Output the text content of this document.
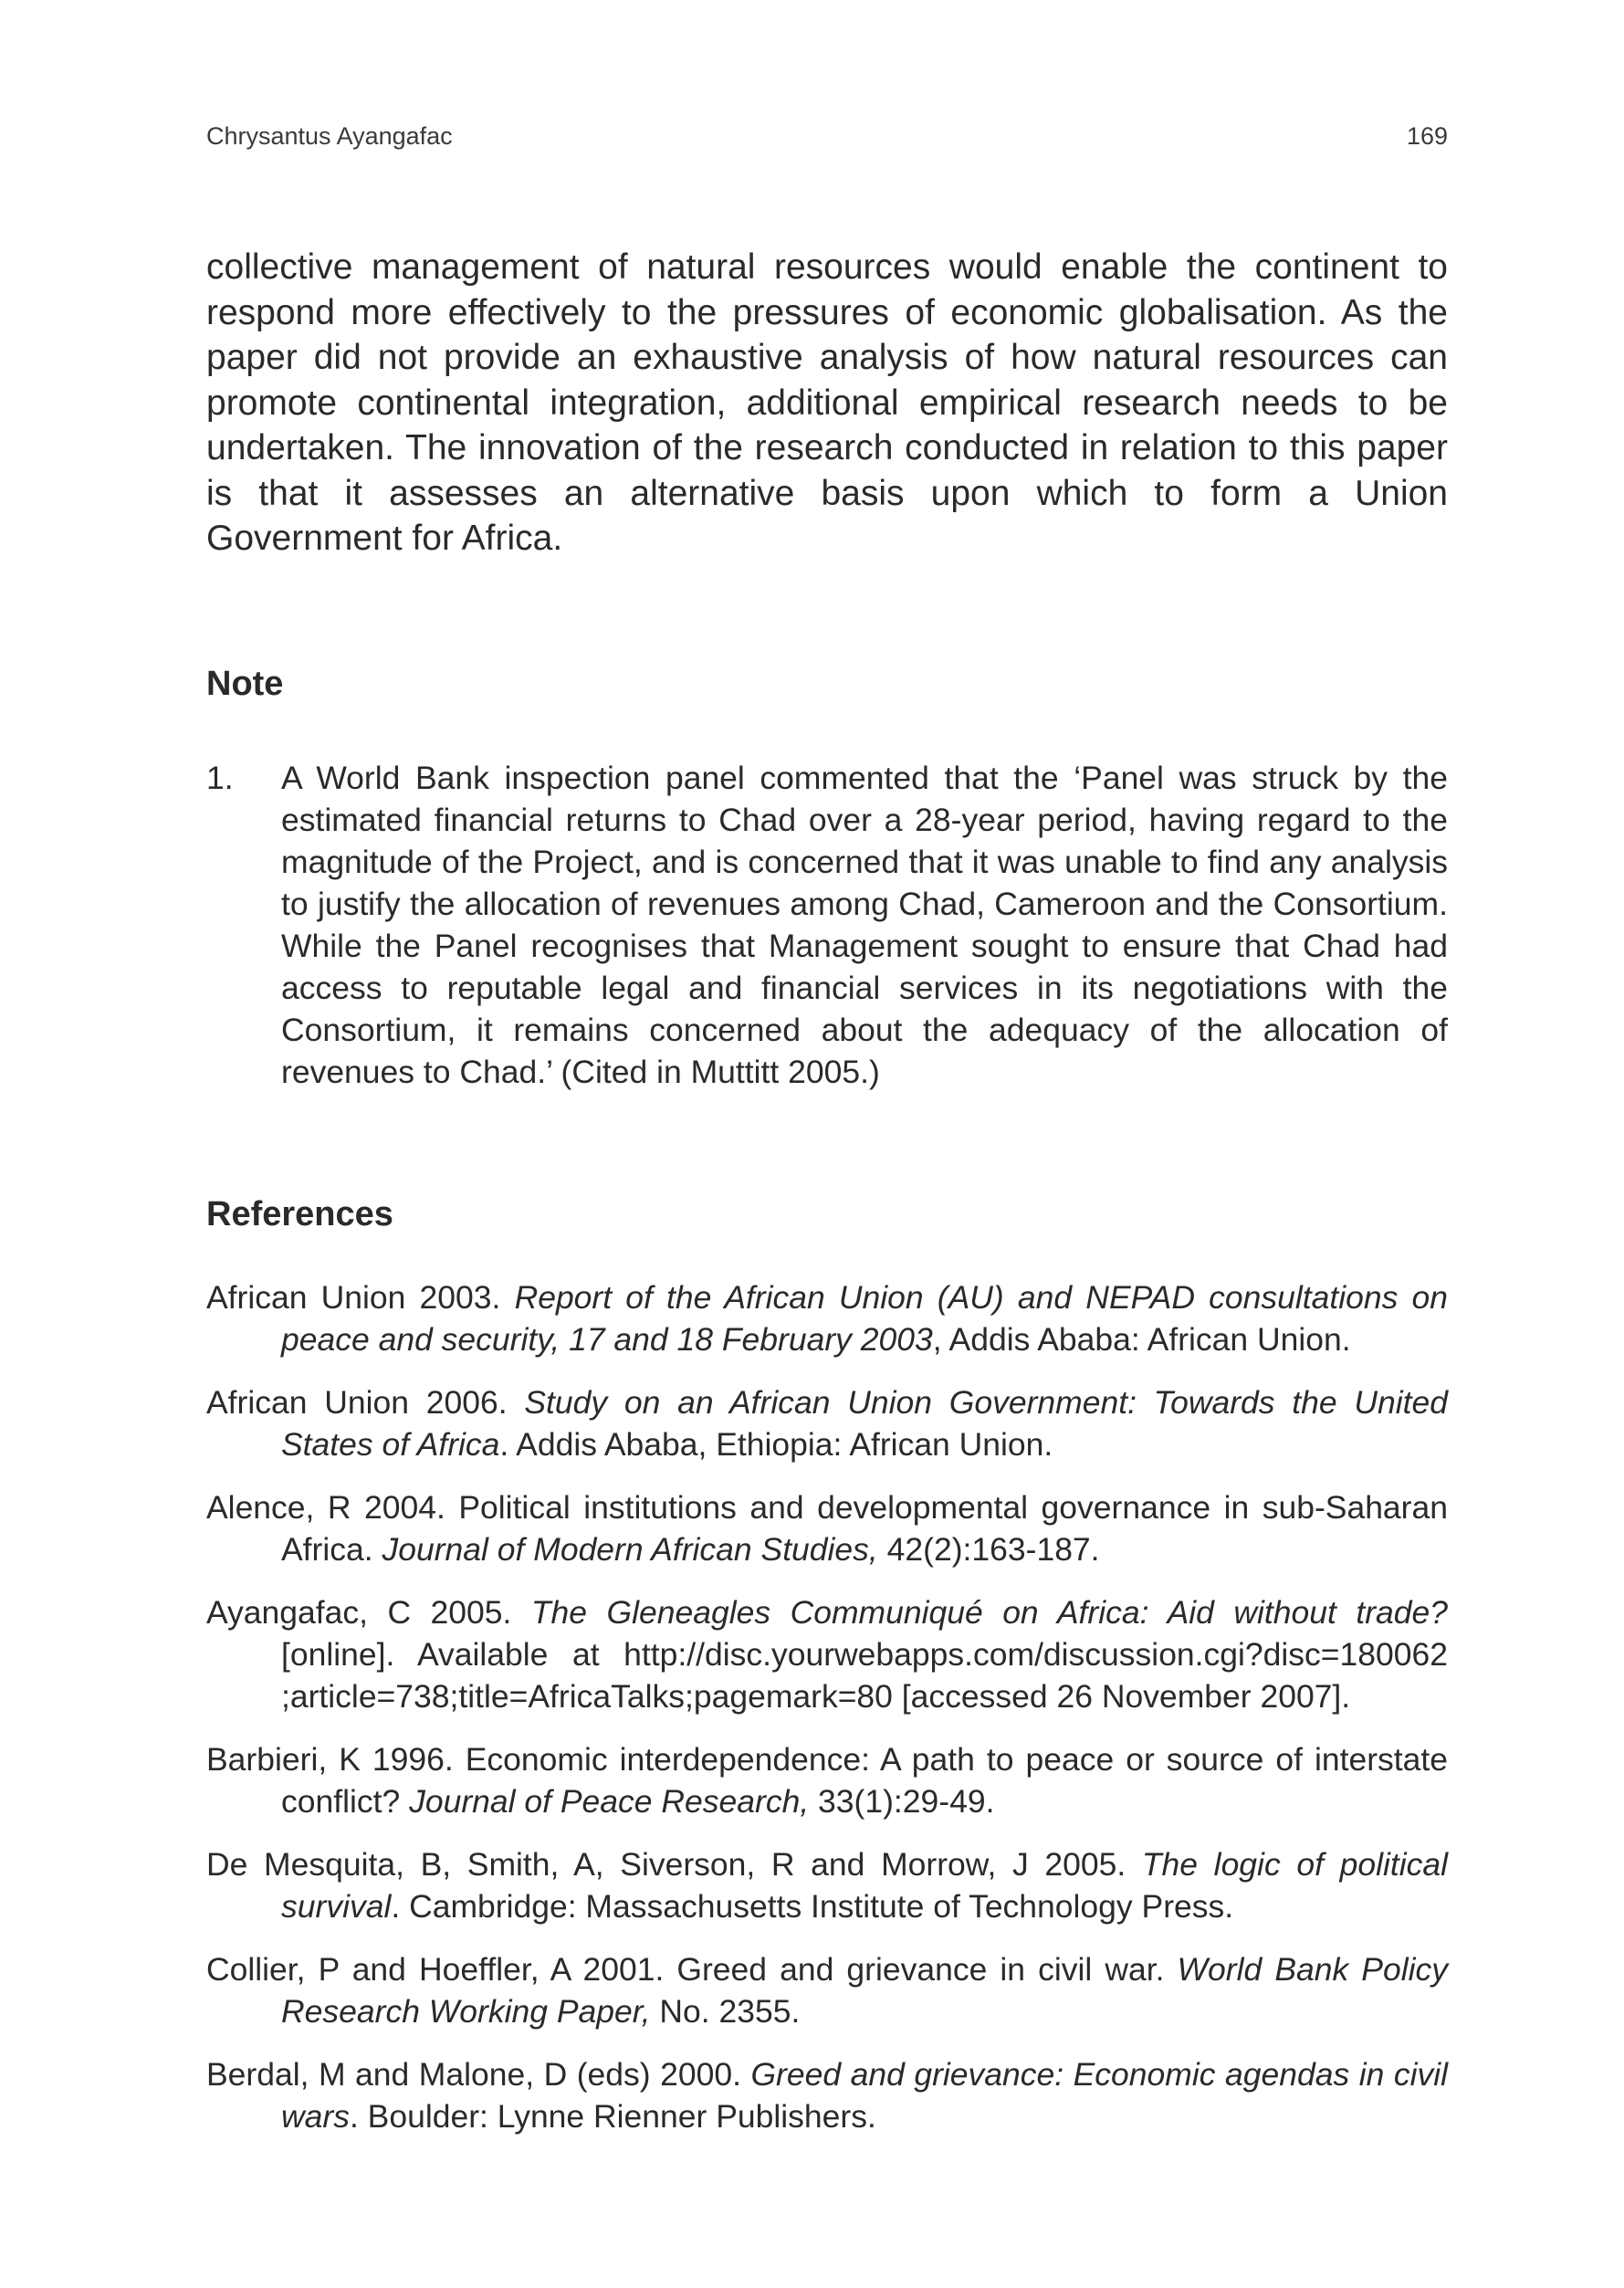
Chrysantus Ayangafac	169

collective management of natural resources would enable the continent to respond more effectively to the pressures of economic globalisation. As the paper did not provide an exhaustive analysis of how natural resources can promote continental integration, additional empirical research needs to be undertaken. The innovation of the research conducted in relation to this paper is that it assesses an alternative basis upon which to form a Union Government for Africa.

Note
1. A World Bank inspection panel commented that the ‘Panel was struck by the estimated financial returns to Chad over a 28-year period, having regard to the magnitude of the Project, and is concerned that it was unable to find any analysis to justify the allocation of revenues among Chad, Cameroon and the Consortium. While the Panel recognises that Management sought to ensure that Chad had access to reputable legal and financial services in its negotiations with the Consortium, it remains concerned about the adequacy of the allocation of revenues to Chad.’ (Cited in Muttitt 2005.)
References

African Union 2003. Report of the African Union (AU) and NEPAD consultations on peace and security, 17 and 18 February 2003, Addis Ababa: African Union.

African Union 2006. Study on an African Union Government: Towards the United States of Africa. Addis Ababa, Ethiopia: African Union.

Alence, R 2004. Political institutions and developmental governance in sub-Saharan Africa. Journal of Modern African Studies, 42(2):163-187.

Ayangafac, C 2005. The Gleneagles Communiqué on Africa: Aid without trade? [online]. Available at http://disc.yourwebapps.com/discussion.cgi?disc=180062 ;article=738;title=AfricaTalks;pagemark=80 [accessed 26 November 2007].

Barbieri, K 1996. Economic interdependence: A path to peace or source of interstate conflict? Journal of Peace Research, 33(1):29-49.

De Mesquita, B, Smith, A, Siverson, R and Morrow, J 2005. The logic of political survival. Cambridge: Massachusetts Institute of Technology Press.

Collier, P and Hoeffler, A 2001. Greed and grievance in civil war. World Bank Policy Research Working Paper, No. 2355.

Berdal, M and Malone, D (eds) 2000. Greed and grievance: Economic agendas in civil wars. Boulder: Lynne Rienner Publishers.
